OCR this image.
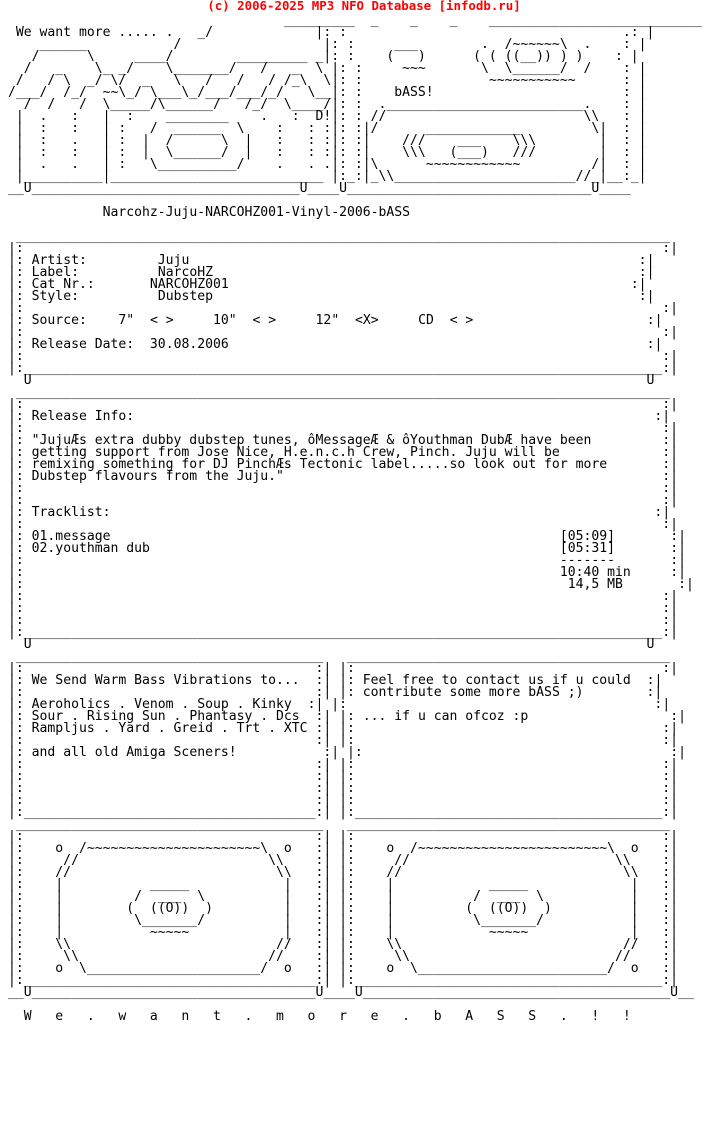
(c) 2006-2025 MP3 NFO Database [infodb.ru]
_________  _    _    _    ___________________________
We want more ..... .   _/             |: :                                   .: |
______           /                  |: :     ___        .  /~~~~~~\  .    : |
/      \     ____/        _________ _|: :    (   )      ( ( ((__)) ) )    : |
/   _    \_ _/    \_______/   /   _  \ |: :     ~~~       \  \______/  /    : |
/   / \  _/ \/  _   \   /   /   / /_\  \|: :                ~~~~~~~~~~~      : |
/___/  /_/  ~~\_/ \___\_/___/___/_/   \__|: :    bASS!                        : |
/  /   /  \_____/\______/   /_/  \____/|: :  ._________________________.    : |
|  .   :   |  :    ________    .   :  D!|: : //                         \\   : |
|  :   :   | :   /  ______  \    :   : :|: :|/      ____________         \|  : |
|  :   .   | :  |  /      \  |   :   : :|: :|    ///    ___    \\\        |  : |
|  :   :   | :  |  \______/  |   :   : :|: :|    \\\   (___)   ///        |  : |
|  .   .   | :   \__________/    .   . .|: :|\      ~~~~~~~~~~~~         /|  : |
|__________|___________________________ |:_:|_\\_______________________//_|__:_|
__U__________________________________U____U_______________________________U____

Narcohz-Juju-NARCOHZ001-Vinyl-2006-bASS

___________________________________________________________________________________
|:                                                                                 :|
|: Artist:	Juju	:|
|: Label:	NarcoHZ	:|
|: Cat Nr.:	NARCOHZ001	:|
|: Style:	Dubstep	:|
|:                                                                                 :|
|: Source: 7" < >	10" < >	12" <X>	CD < >	:|
|:                                                                                 :|
|: Release Date: 30.08.2006	:|
|:                                                                                 :|
|:_________________________________________________________________________________:|
U                                                                              U
___________________________________________________________________________________
|:                                                                                 :|
|: Release Info:	:|
|:                                                                                 :|
|: "JujuÆs extra dubby dubstep tunes, ôMessageÆ & ôYouthman DubÆ have been         :|
|: getting support from Jose Nice, H.e.n.c.h Crew, Pinch. Juju will be             :|
|: remixing something for DJ PinchÆs Tectonic label.....so look out for more       :|
|: Dubstep flavours from the Juju."                                                :|
|:                                                                                 :|
|:                                                                                 :|
|: Tracklist:	:|
|:                                                                                 :|
|: 01.message	[05:09]	:|
|: 02.youthman dub	[05:31]	:|
|:	-------	:|
|:	10:40 min	:|
|:	14,5 MB	:|
|:                                                                                 :|
|:                                                                                 :|
|:                                                                                 :|
|:_________________________________________________________________________________:|
U                                                                              U
_______________________________________   _________________________________________
|:                                     :| |:                                       :|
|: We Send Warm Bass Vibrations to...  :| |: Feel free to contact us if u could  :|
|:                                     :| |: contribute some more bASS ;)	:|
|: Aeroholics . Venom . Soup . Kinky  :| |:                                       :|
|: Sour . Rising Sun . Phantasy . Dcs  :| |: ... if u can ofcoz :p	:|
|: Rampljus . Yard . Greid . Trt . XTC :| |:                                       :|
|:                                     :| |:                                       :|
|: and all old Amiga Sceners!	:| |:                                       :|
|:                                     :| |:                                       :|
|:                                     :| |:                                       :|
|:                                     :| |:                                       :|
|:                                     :| |:                                       :|
|:_____________________________________:| |:_______________________________________:|
_______________________________________   _________________________________________
|:                                     :| |:                                       :|
|:    o  /~~~~~~~~~~~~~~~~~~~~~~\  o   :| |:    o  /~~~~~~~~~~~~~~~~~~~~~~~~\  o   :|
|:     //                        \\    :| |:     //                          \\    :|
|:    //                          \\   :| |:    //                            \\   :|
|:    |           _____            |   :| |:    |            _____             |   :|
|:    |         /  ___  \          |   :| |:    |          /  ___  \           |   :|
|:    |        (  ((O))  )         |   :| |:    |         (  ((O))  )          |   :|
|:    |         \_______/          |   :| |:    |          \_______/           |   :|
|:    |           ~~~~~            |   :| |:    |            ~~~~~             |   :|
|:    \\                          //   :| |:    \\                            //   :|
|:     \\                        //    :| |:     \\                          //    :|
|:    o  \______________________/  o   :| |:    o  \________________________/  o   :|
|:_____________________________________:| |:_______________________________________:|
__U____________________________________U____U_______________________________________U__

W   e   .   w   a   n   t   .   m   o   r   e   .   b   A   S   S   .   !   !
